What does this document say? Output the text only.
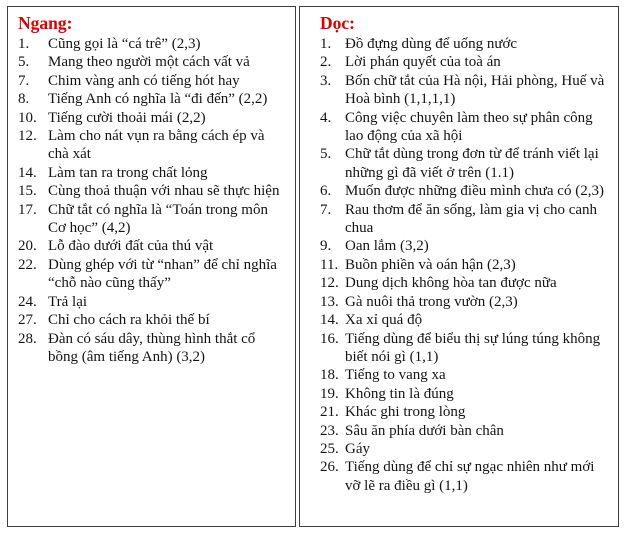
Ngang:
1.	Cũng gọi là “cá trê” (2,3)
5.	Mang theo người một cách vất vả
7.	Chim vàng anh có tiếng hót hay
8.	Tiếng Anh có nghĩa là “đi đến” (2,2)
10. Tiếng cười thoải mái (2,2)
12. Làm cho nát vụn ra bằng cách ép và chà xát
14. Làm tan ra trong chất lỏng
15. Cùng thoả thuận với nhau sẽ thực hiện
17. Chữ tắt có nghĩa là “Toán trong môn Cơ học” (4,2)
20. Lỗ đào dưới đất của thú vật
22. Dùng ghép với từ “nhan” để chỉ nghĩa “chỗ nào cũng thấy”
24. Trả lại
27. Chỉ cho cách ra khỏi thế bí
28. Đàn có sáu dây, thùng hình thắt cổ bồng (âm tiếng Anh) (3,2)
Dọc:
1. Đồ đựng dùng để uống nước
2. Lời phán quyết của toà án
3. Bốn chữ tắt của Hà nội, Hải phòng, Huế và Hoà bình (1,1,1,1)
4. Công việc chuyên làm theo sự phân công lao động của xã hội
5. Chữ tắt dùng trong đơn từ để tránh viết lại những gì đã viết ở trên (1.1)
6. Muốn được những điều mình chưa có (2,3)
7. Rau thơm để ăn sống, làm gia vị cho canh chua
9. Oan lắm (3,2)
11. Buồn phiền và oán hận (2,3)
12. Dung dịch không hòa tan được nữa
13. Gà nuôi thả trong vườn (2,3)
14. Xa xỉ quá độ
16. Tiếng dùng để biểu thị sự lúng túng không biết nói gì (1,1)
18. Tiếng to vang xa
19. Không tin là đúng
21. Khác ghi trong lòng
23. Sâu ăn phía dưới bàn chân
25. Gáy
26. Tiếng dùng để chỉ sự ngạc nhiên như mới vỡ lẽ ra điều gì (1,1)
